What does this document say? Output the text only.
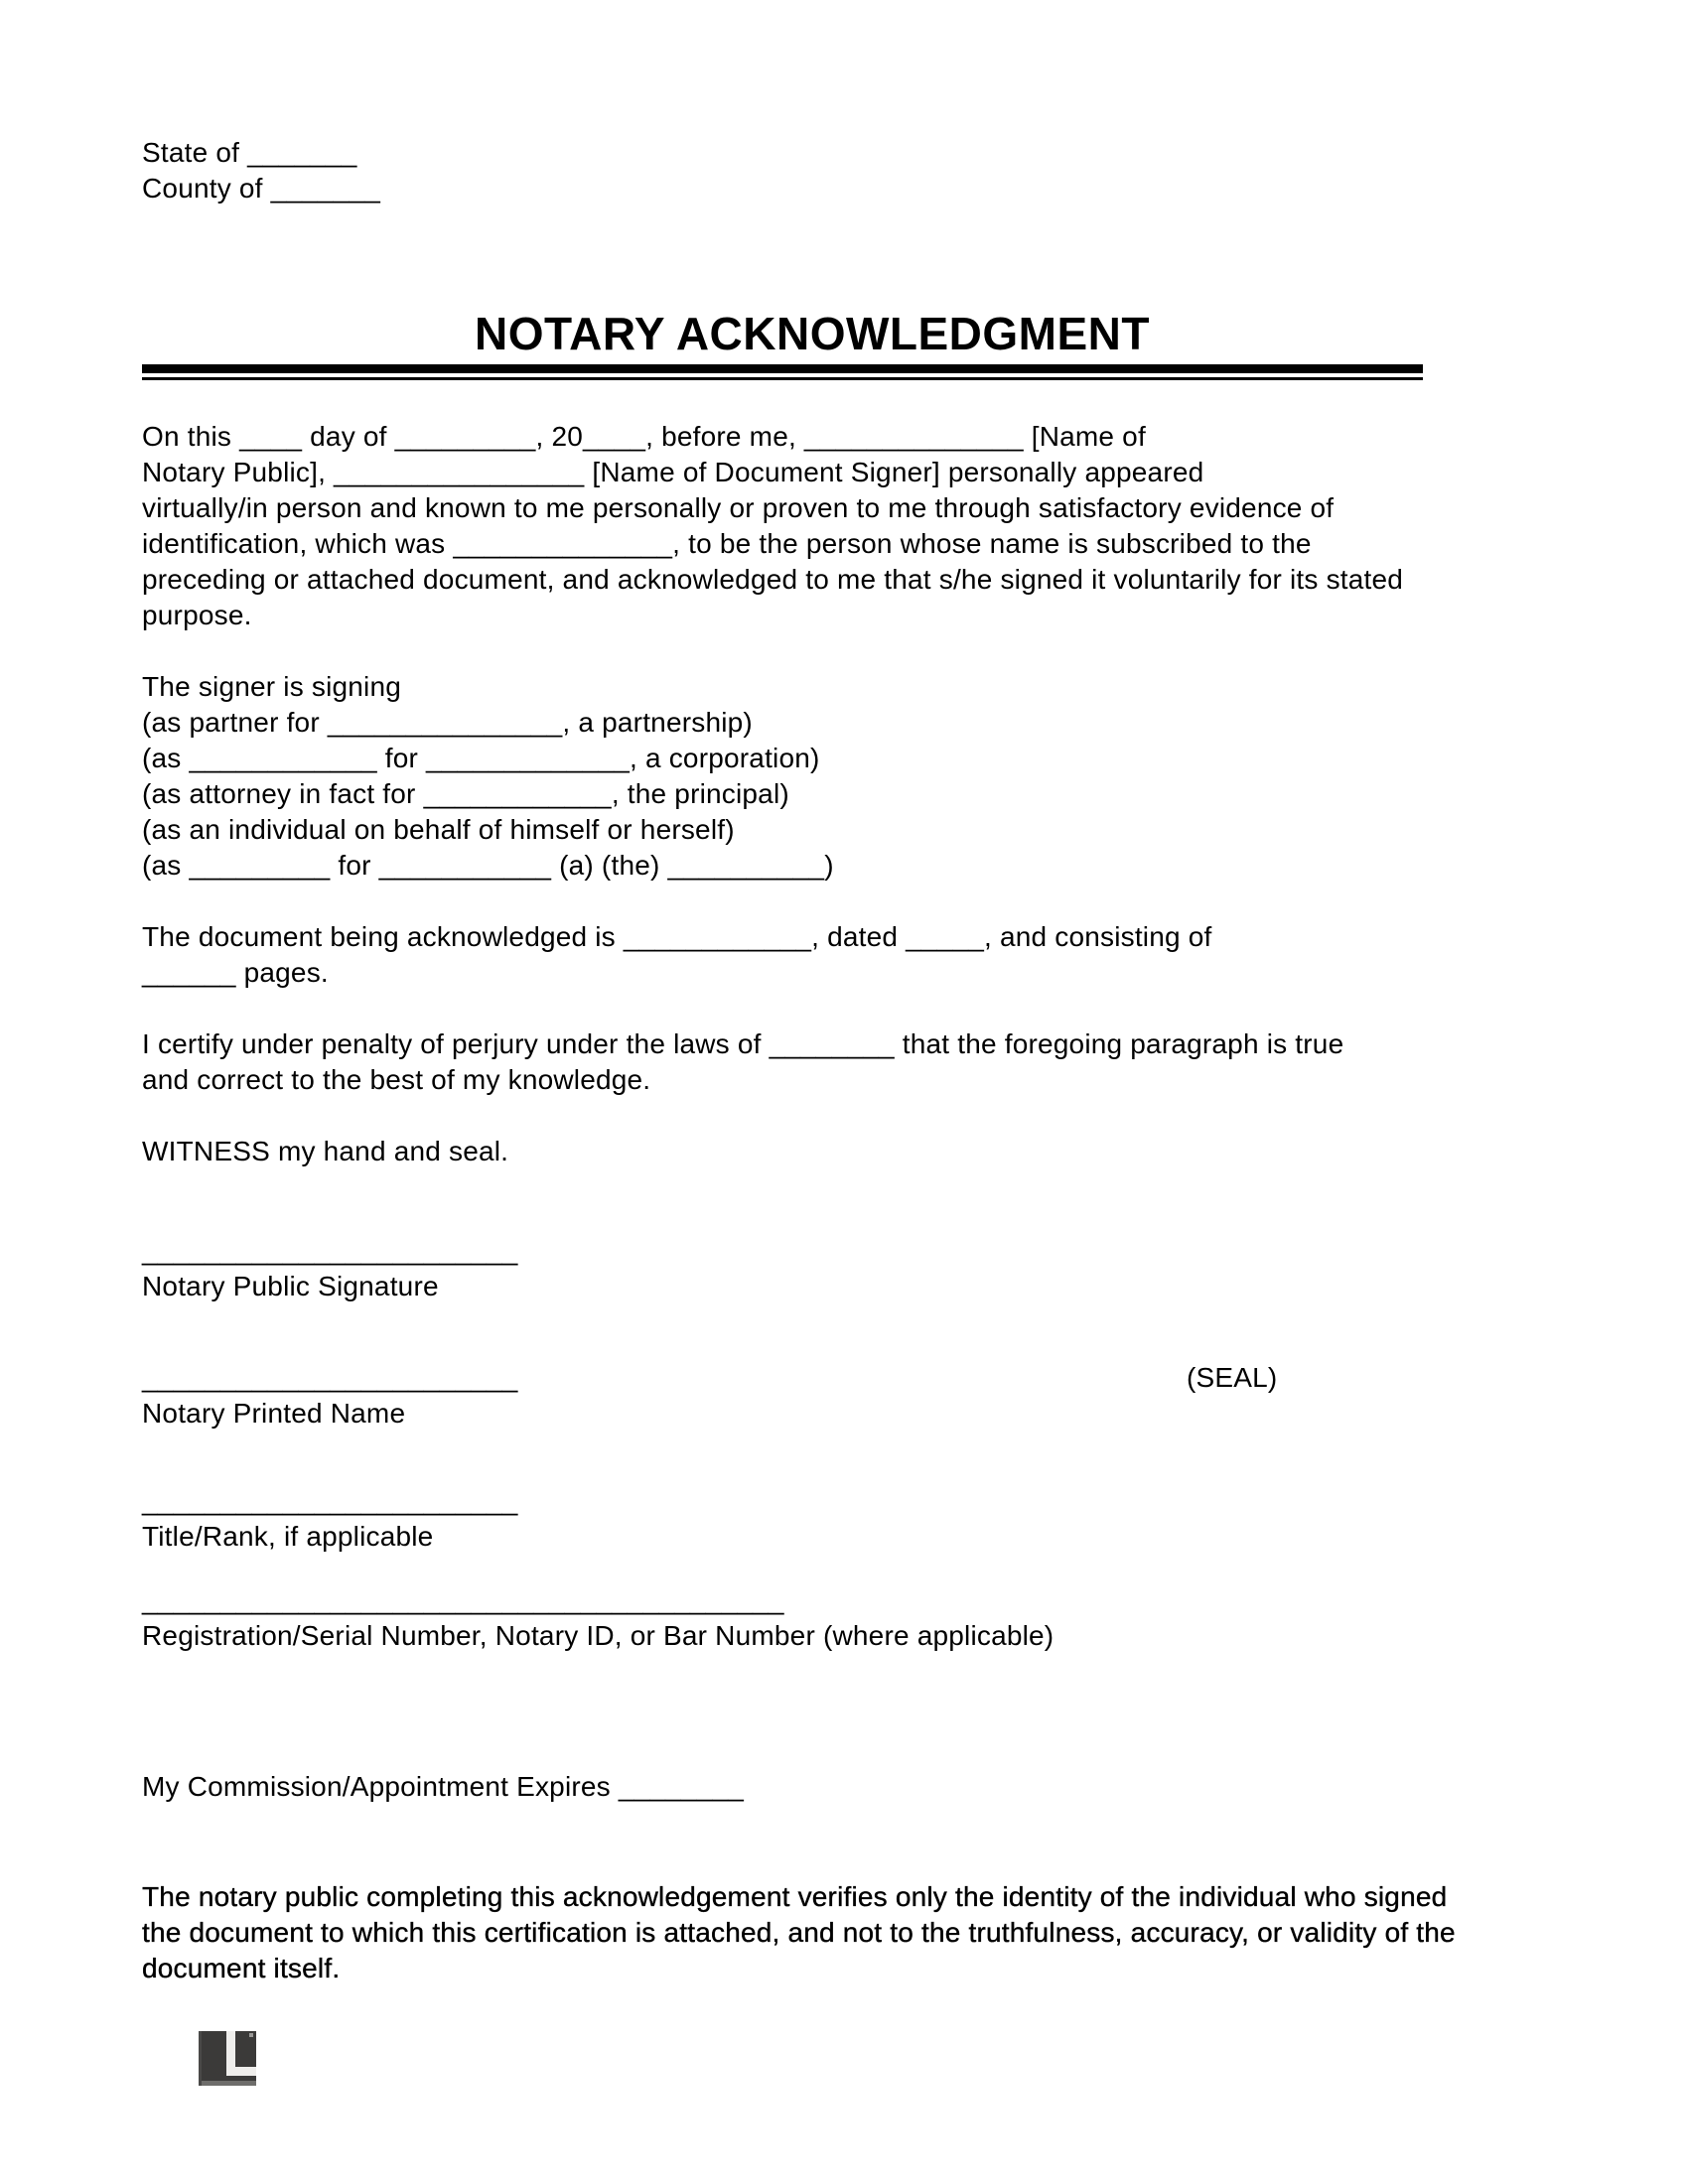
State of _______
County of _______
NOTARY ACKNOWLEDGMENT
On this ____ day of _________, 20____, before me, ______________ [Name of
Notary Public], ________________ [Name of Document Signer] personally appeared
virtually/in person and known to me personally or proven to me through satisfactory evidence of
identification, which was ______________, to be the person whose name is subscribed to the
preceding or attached document, and acknowledged to me that s/he signed it voluntarily for its stated
purpose.
The signer is signing
(as partner for _______________, a partnership)
(as ____________ for _____________, a corporation)
(as attorney in fact for ____________, the principal)
(as an individual on behalf of himself or herself)
(as _________ for ___________ (a) (the) __________)
The document being acknowledged is ____________, dated _____, and consisting of
______ pages.
I certify under penalty of perjury under the laws of ________ that the foregoing paragraph is true
and correct to the best of my knowledge.
WITNESS my hand and seal.
________________________
Notary Public Signature
________________________	(SEAL)
Notary Printed Name
________________________
Title/Rank, if applicable
_________________________________________
Registration/Serial Number, Notary ID, or Bar Number (where applicable)
My Commission/Appointment Expires ________
The notary public completing this acknowledgement verifies only the identity of the individual who signed
the document to which this certification is attached, and not to the truthfulness, accuracy, or validity of the
document itself.
